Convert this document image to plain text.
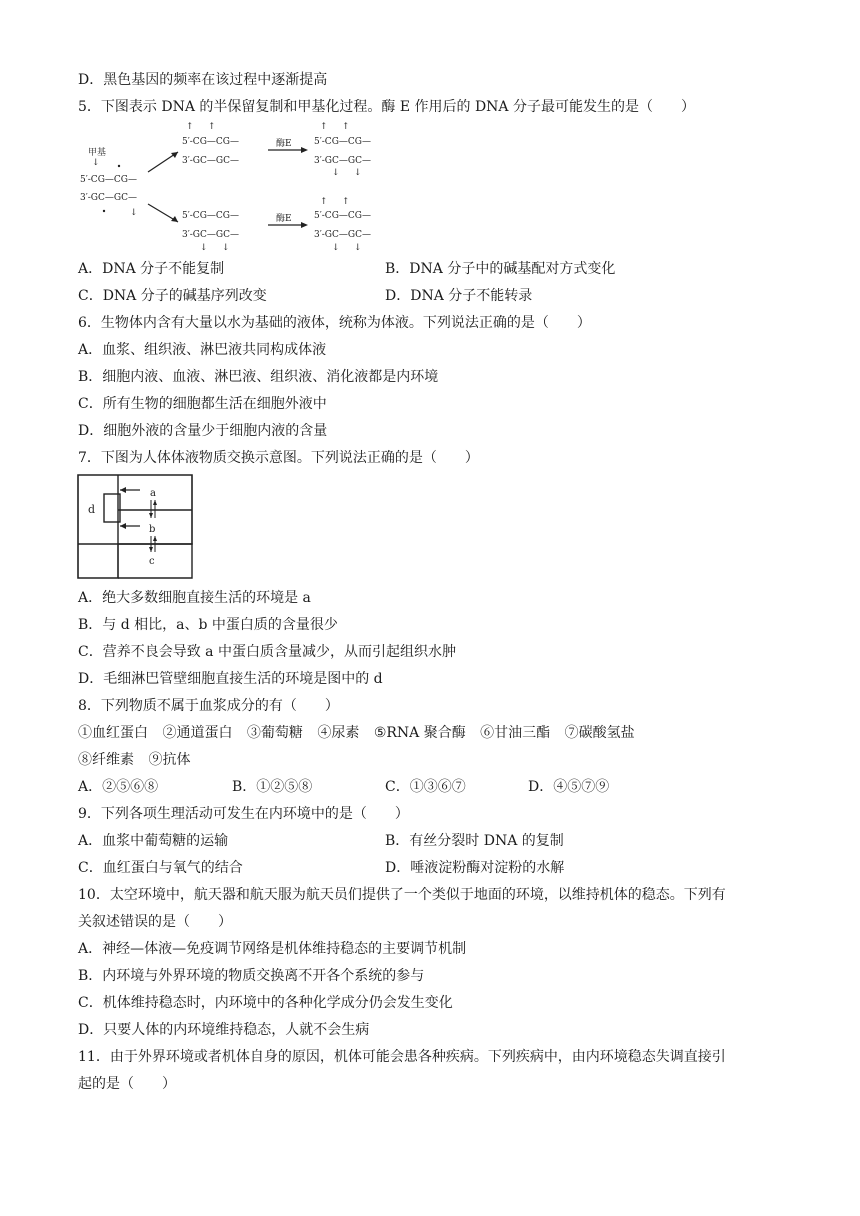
D．黑色基因的频率在该过程中逐渐提高
5．下图表示 DNA 的半保留复制和甲基化过程。酶 E 作用后的 DNA 分子最可能发生的是（　　）
甲基
↓
5′-CG—CG—
3′-GC—GC—
↓
↑ ↑
5′-CG—CG—
3′-GC—GC—
酶E
↑ ↑
5′-CG—CG—
3′-GC—GC—
↓ ↓
5′-CG—CG—
3′-GC—GC—
↓ ↓
酶E
↑ ↑
5′-CG—CG—
3′-GC—GC—
↓ ↓
A．DNA 分子不能复制	B．DNA 分子中的碱基配对方式变化
C．DNA 分子的碱基序列改变	D．DNA 分子不能转录
6．生物体内含有大量以水为基础的液体，统称为体液。下列说法正确的是（　　）
A．血浆、组织液、淋巴液共同构成体液
B．细胞内液、血液、淋巴液、组织液、消化液都是内环境
C．所有生物的细胞都生活在细胞外液中
D．细胞外液的含量少于细胞内液的含量
7．下图为人体体液物质交换示意图。下列说法正确的是（　　）
d
a
b
c
A．绝大多数细胞直接生活的环境是 a
B．与 d 相比，a、b 中蛋白质的含量很少
C．营养不良会导致 a 中蛋白质含量减少，从而引起组织水肿
D．毛细淋巴管壁细胞直接生活的环境是图中的 d
8．下列物质不属于血浆成分的有（　　）
①血红蛋白 ②通道蛋白 ③葡萄糖 ④尿素 ⑤RNA 聚合酶 ⑥甘油三酯 ⑦碳酸氢盐
⑧纤维素 ⑨抗体
A．②⑤⑥⑧	B．①②⑤⑧	C．①③⑥⑦	D．④⑤⑦⑨
9．下列各项生理活动可发生在内环境中的是（　　）
A．血浆中葡萄糖的运输	B．有丝分裂时 DNA 的复制
C．血红蛋白与氧气的结合	D．唾液淀粉酶对淀粉的水解
10．太空环境中，航天器和航天服为航天员们提供了一个类似于地面的环境，以维持机体的稳态。下列有
关叙述错误的是（　　）
A．神经—体液—免疫调节网络是机体维持稳态的主要调节机制
B．内环境与外界环境的物质交换离不开各个系统的参与
C．机体维持稳态时，内环境中的各种化学成分仍会发生变化
D．只要人体的内环境维持稳态，人就不会生病
11．由于外界环境或者机体自身的原因，机体可能会患各种疾病。下列疾病中，由内环境稳态失调直接引
起的是（　　）
